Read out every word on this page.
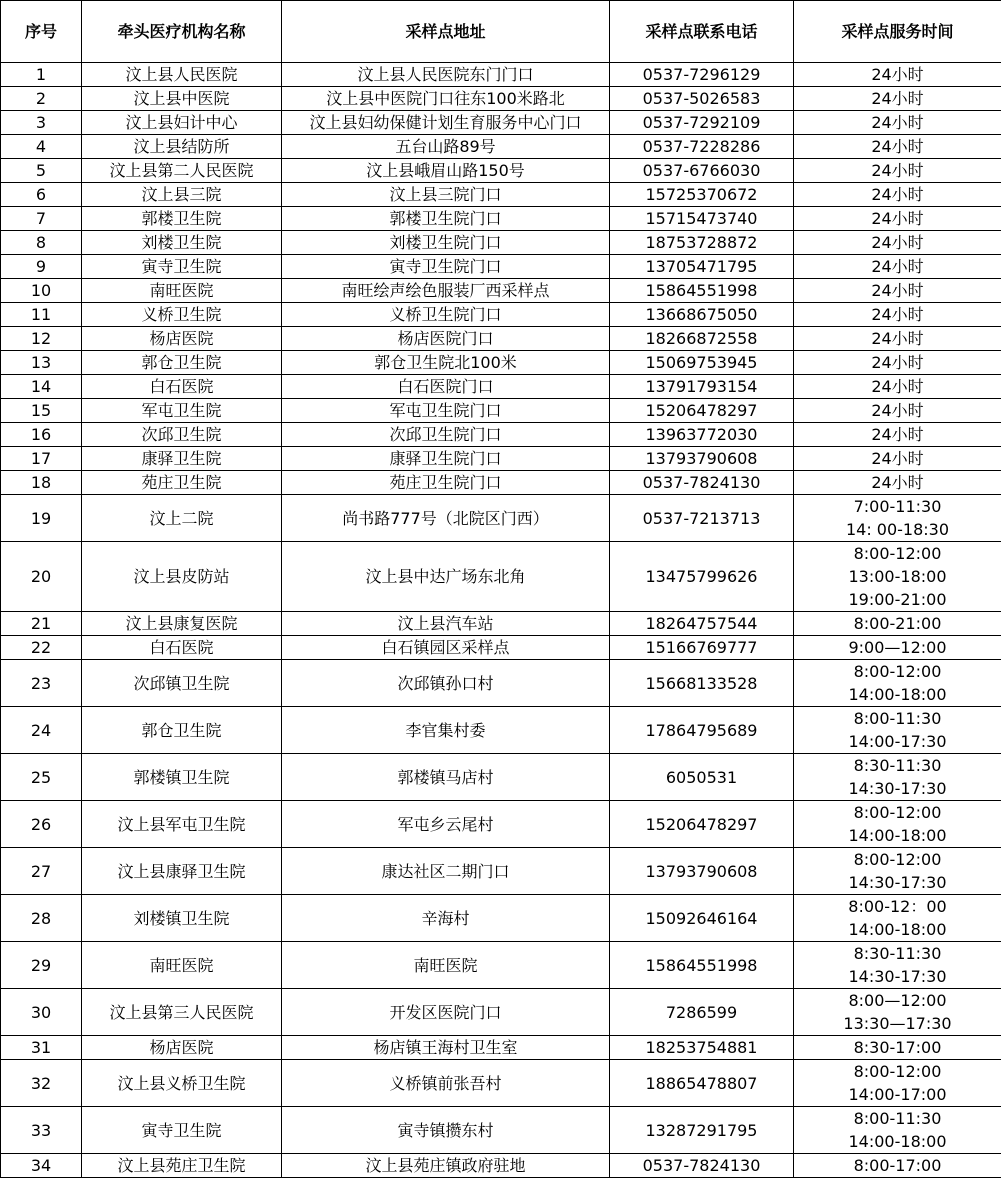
序号	牵头医疗机构名称	采样点地址	采样点联系电话	采样点服务时间
1	汶上县人民医院	汶上县人民医院东门门口	0537-7296129	24小时

2	汶上县中医院	汶上县中医院门口往东100米路北	0537-5026583	24小时

3	汶上县妇计中心	汶上县妇幼保健计划生育服务中心门口	0537-7292109	24小时

4	汶上县结防所	五台山路89号	0537-7228286	24小时

5	汶上县第二人民医院	汶上县峨眉山路150号	0537-6766030	24小时

6	汶上县三院	汶上县三院门口	15725370672	24小时

7	郭楼卫生院	郭楼卫生院门口	15715473740	24小时

8	刘楼卫生院	刘楼卫生院门口	18753728872	24小时

9	寅寺卫生院	寅寺卫生院门口	13705471795	24小时

10	南旺医院	南旺绘声绘色服装厂西采样点	15864551998	24小时

11	义桥卫生院	义桥卫生院门口	13668675050	24小时

12	杨店医院	杨店医院门口	18266872558	24小时

13	郭仓卫生院	郭仓卫生院北100米	15069753945	24小时

14	白石医院	白石医院门口	13791793154	24小时

15	军屯卫生院	军屯卫生院门口	15206478297	24小时

16	次邱卫生院	次邱卫生院门口	13963772030	24小时

17	康驿卫生院	康驿卫生院门口	13793790608	24小时

18	苑庄卫生院	苑庄卫生院门口	0537-7824130	24小时

19	汶上二院	尚书路777号（北院区门西）	0537-7213713	7:00-11:30
14: 00-18:30

20	汶上县皮防站	汶上县中达广场东北角	13475799626	8:00-12:00
13:00-18:00
19:00-21:00

21	汶上县康复医院	汶上县汽车站	18264757544	8:00-21:00

22	白石医院	白石镇园区采样点	15166769777	9:00—12:00

23	次邱镇卫生院	次邱镇孙口村	15668133528	8:00-12:00
14:00-18:00

24	郭仓卫生院	李官集村委	17864795689	8:00-11:30
14:00-17:30

25	郭楼镇卫生院	郭楼镇马店村	6050531	8:30-11:30
14:30-17:30

26	汶上县军屯卫生院	军屯乡云尾村	15206478297	8:00-12:00
14:00-18:00

27	汶上县康驿卫生院	康达社区二期门口	13793790608	8:00-12:00
14:30-17:30

28	刘楼镇卫生院	辛海村	15092646164	8:00-12：00
14:00-18:00

29	南旺医院	南旺医院	15864551998	8:30-11:30
14:30-17:30

30	汶上县第三人民医院	开发区医院门口	7286599	8:00—12:00
13:30—17:30

31	杨店医院	杨店镇王海村卫生室	18253754881	8:30-17:00

32	汶上县义桥卫生院	义桥镇前张吾村	18865478807	8:00-12:00
14:00-17:00

33	寅寺卫生院	寅寺镇攒东村	13287291795	8:00-11:30
14:00-18:00

34	汶上县苑庄卫生院	汶上县苑庄镇政府驻地	0537-7824130	8:00-17:00
